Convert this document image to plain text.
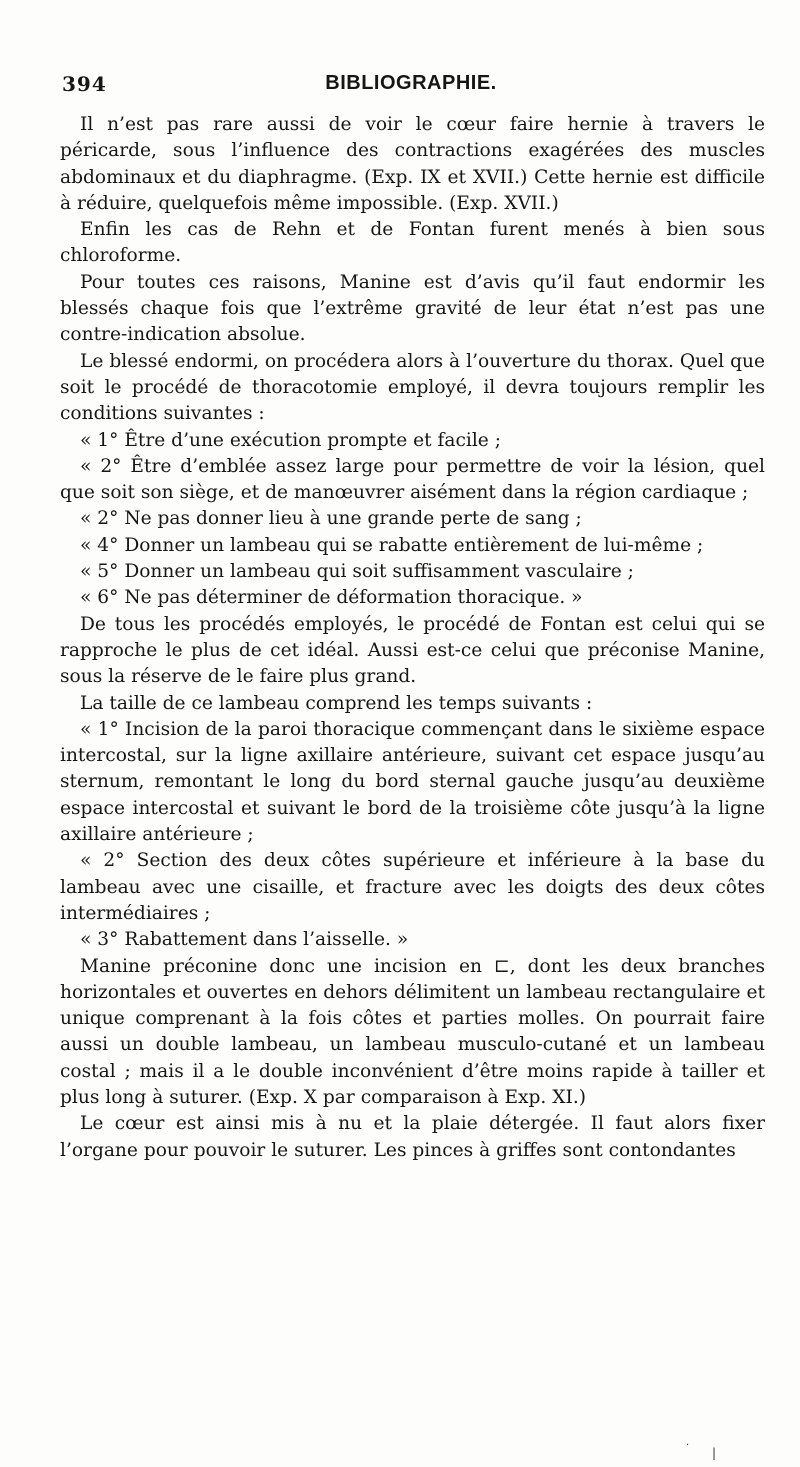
394	BIBLIOGRAPHIE.

Il n’est pas rare aussi de voir le cœur faire hernie à travers le péricarde, sous l’influence des contractions exagérées des muscles abdominaux et du diaphragme. (Exp. IX et XVII.) Cette hernie est difficile à réduire, quelquefois même impossible. (Exp. XVII.)

Enfin les cas de Rehn et de Fontan furent menés à bien sous chloroforme.

Pour toutes ces raisons, Manine est d’avis qu’il faut endormir les blessés chaque fois que l’extrême gravité de leur état n’est pas une contre-indication absolue.

Le blessé endormi, on procédera alors à l’ouverture du thorax. Quel que soit le procédé de thoracotomie employé, il devra toujours remplir les conditions suivantes :

« 1° Être d’une exécution prompte et facile ;

« 2° Être d’emblée assez large pour permettre de voir la lésion, quel que soit son siège, et de manœuvrer aisément dans la région cardiaque ;

« 2° Ne pas donner lieu à une grande perte de sang ;

« 4° Donner un lambeau qui se rabatte entièrement de lui-même ;

« 5° Donner un lambeau qui soit suffisamment vasculaire ;

« 6° Ne pas déterminer de déformation thoracique. »

De tous les procédés employés, le procédé de Fontan est celui qui se rapproche le plus de cet idéal. Aussi est-ce celui que préconise Manine, sous la réserve de le faire plus grand.

La taille de ce lambeau comprend les temps suivants :

« 1° Incision de la paroi thoracique commençant dans le sixième espace intercostal, sur la ligne axillaire antérieure, suivant cet espace jusqu’au sternum, remontant le long du bord sternal gauche jusqu’au deuxième espace intercostal et suivant le bord de la troisième côte jusqu’à la ligne axillaire antérieure ;

« 2° Section des deux côtes supérieure et inférieure à la base du lambeau avec une cisaille, et fracture avec les doigts des deux côtes intermédiaires ;

« 3° Rabattement dans l’aisselle. »

Manine préconine donc une incision en ⊏, dont les deux branches horizontales et ouvertes en dehors délimitent un lambeau rectangulaire et unique comprenant à la fois côtes et parties molles. On pourrait faire aussi un double lambeau, un lambeau musculo-cutané et un lambeau costal ; mais il a le double inconvénient d’être moins rapide à tailler et plus long à suturer. (Exp. X par comparaison à Exp. XI.)

Le cœur est ainsi mis à nu et la plaie détergée. Il faut alors fixer l’organe pour pouvoir le suturer. Les pinces à griffes sont contondantes

·
|
